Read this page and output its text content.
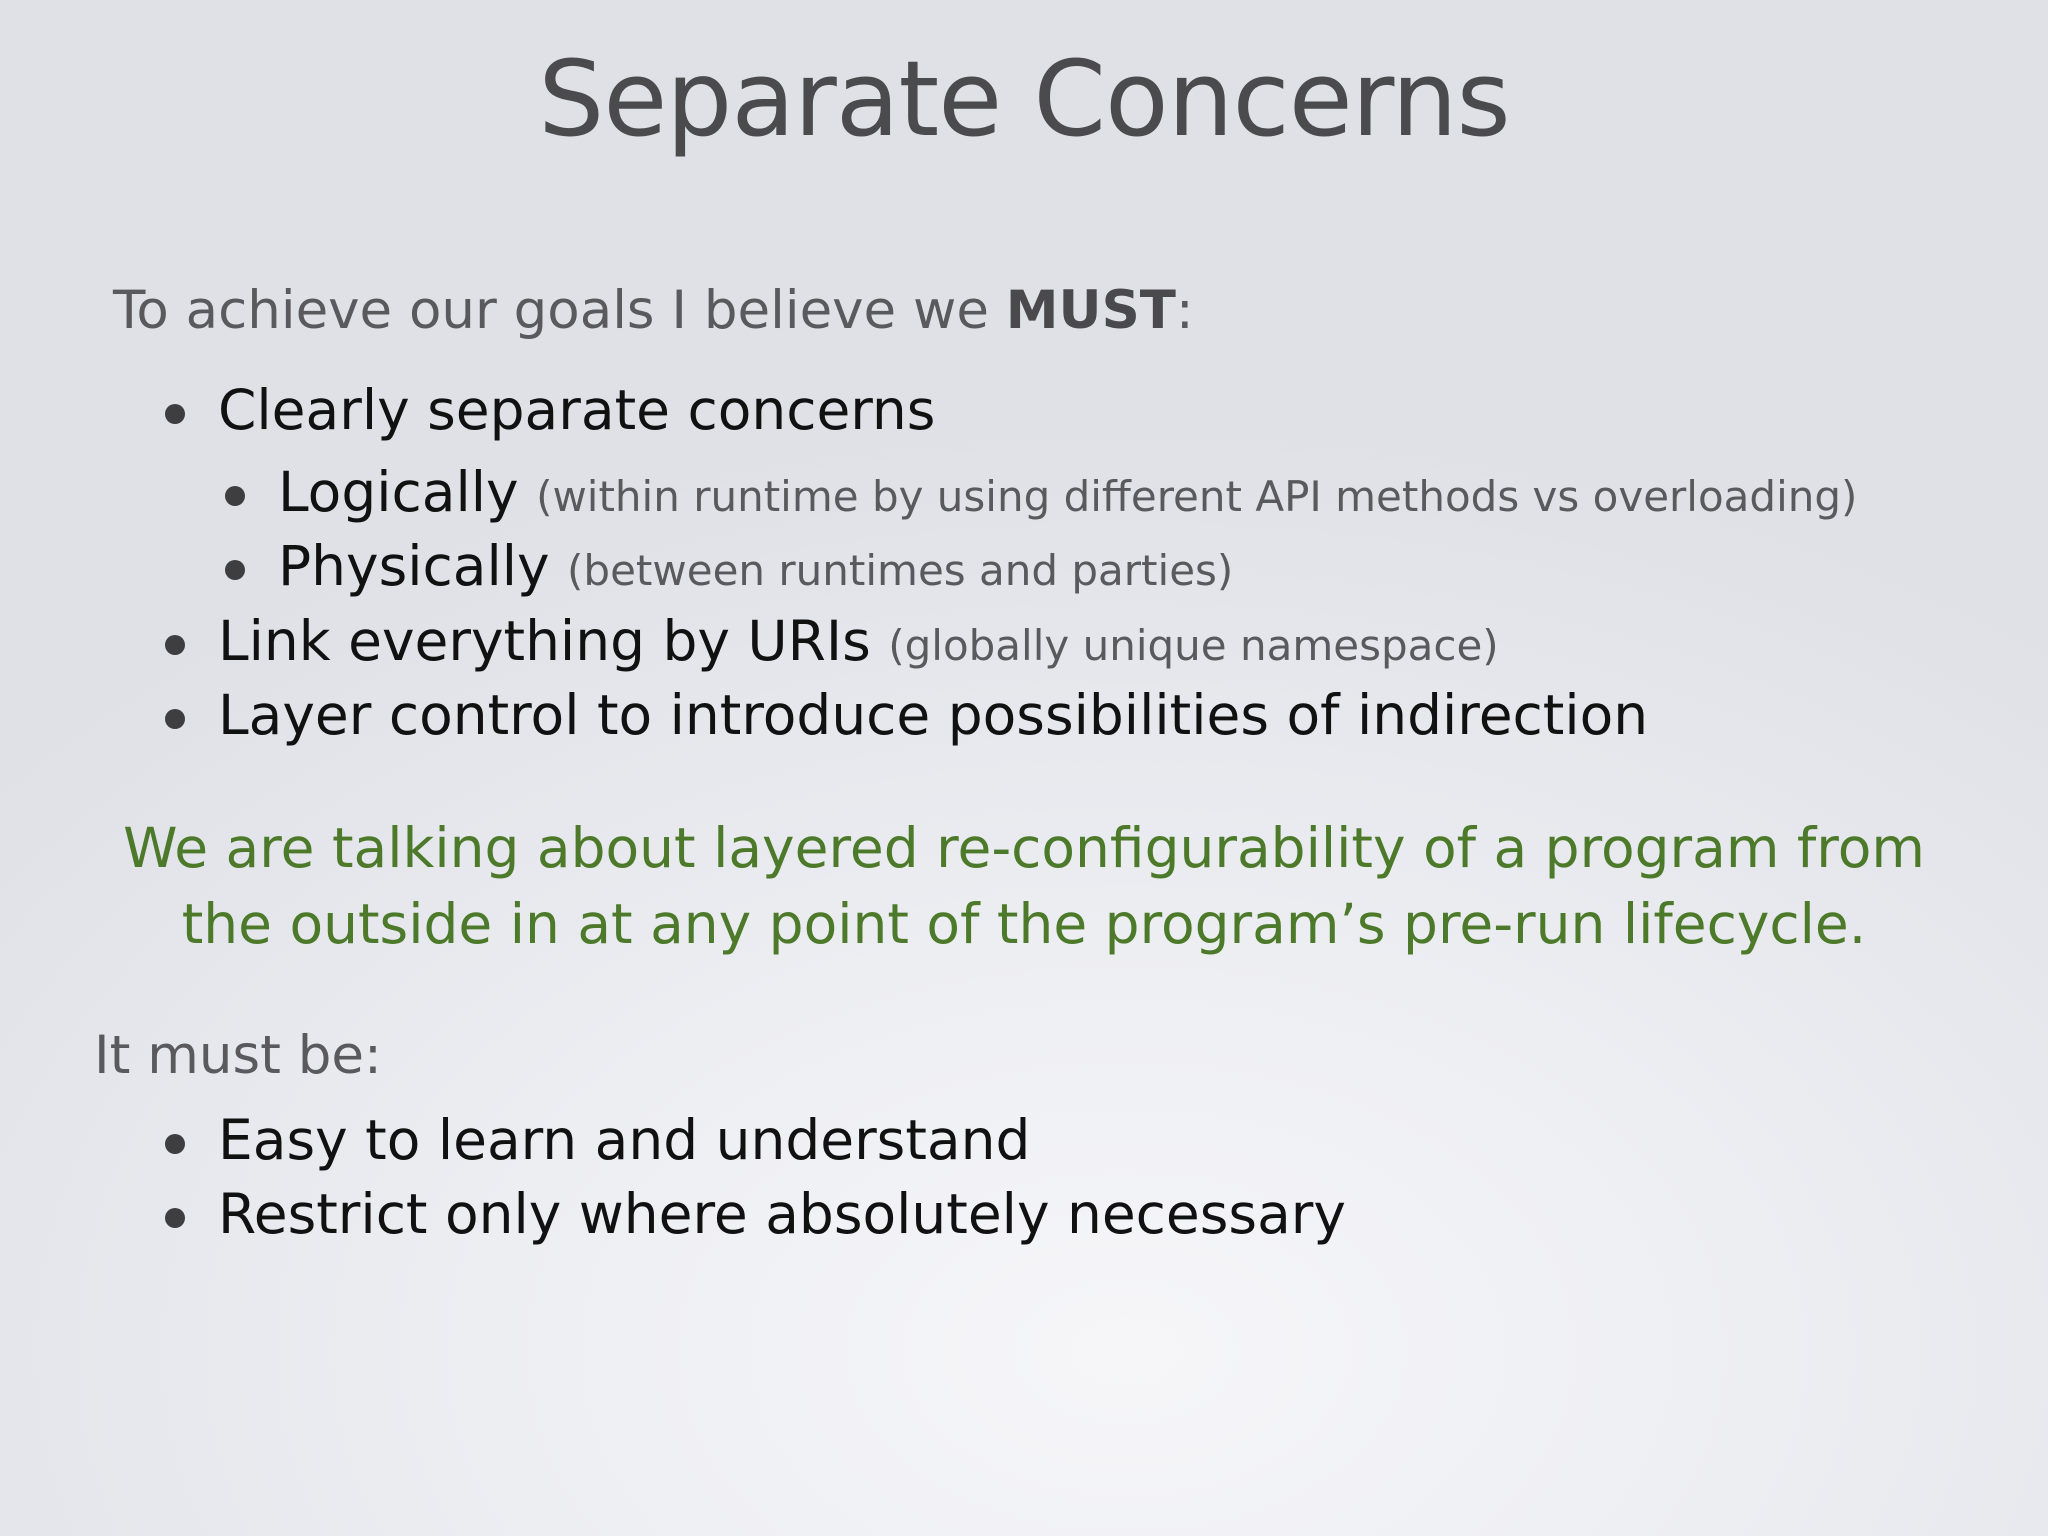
Separate Concerns
To achieve our goals I believe we MUST:
Clearly separate concerns
Logically (within runtime by using different API methods vs overloading)
Physically (between runtimes and parties)
Link everything by URIs (globally unique namespace)
Layer control to introduce possibilities of indirection
We are talking about layered re-configurability of a program from
the outside in at any point of the program’s pre-run lifecycle.
It must be:
Easy to learn and understand
Restrict only where absolutely necessary
